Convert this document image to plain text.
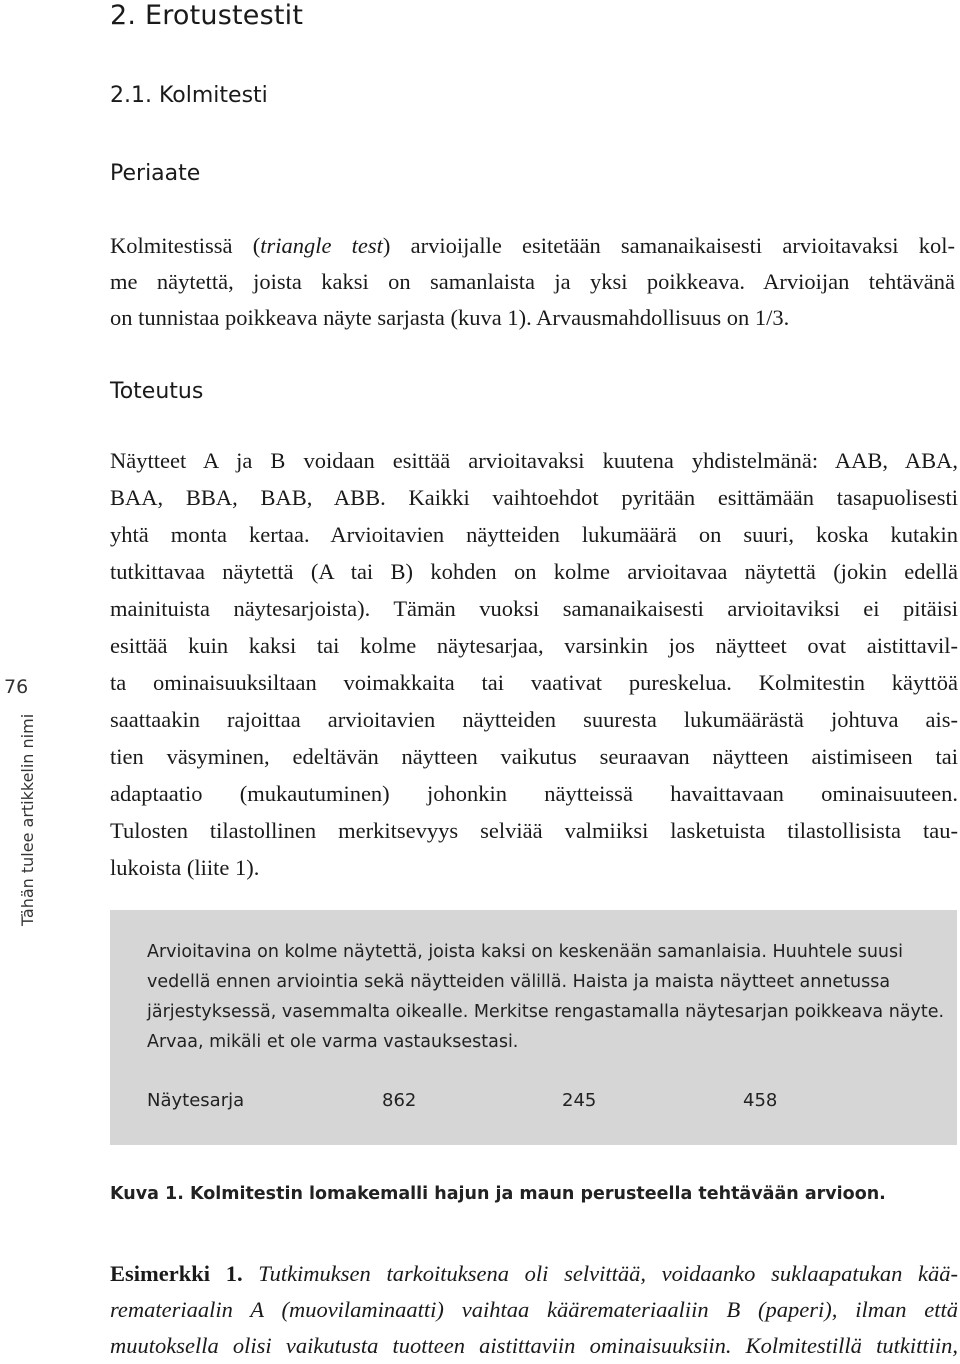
2. Erotustestit
2.1. Kolmitesti
Periaate

Kolmitestissä (triangle test) arvioijalle esitetään samanaikaisesti arvioitavaksi kol-
me näytettä, joista kaksi on samanlaista ja yksi poikkeava. Arvioijan tehtävänä
on tunnistaa poikkeava näyte sarjasta (kuva 1). Arvausmahdollisuus on 1/3.

Toteutus

Näytteet A ja B voidaan esittää arvioitavaksi kuutena yhdistelmänä: AAB, ABA,
BAA, BBA, BAB, ABB. Kaikki vaihtoehdot pyritään esittämään tasapuolisesti
yhtä monta kertaa. Arvioitavien näytteiden lukumäärä on suuri, koska kutakin
tutkittavaa näytettä (A tai B) kohden on kolme arvioitavaa näytettä (jokin edellä
mainituista näytesarjoista). Tämän vuoksi samanaikaisesti arvioitaviksi ei pitäisi
esittää kuin kaksi tai kolme näytesarjaa, varsinkin jos näytteet ovat aistittavil-
ta ominaisuuksiltaan voimakkaita tai vaativat pureskelua. Kolmitestin käyttöä
saattaakin rajoittaa arvioitavien näytteiden suuresta lukumäärästä johtuva ais-
tien väsyminen, edeltävän näytteen vaikutus seuraavan näytteen aistimiseen tai
adaptaatio (mukautuminen) johonkin näytteissä havaittavaan ominaisuuteen.
Tulosten tilastollinen merkitsevyys selviää valmiiksi lasketuista tilastollisista tau-
lukoista (liite 1).

76
Tähän tulee artikkelin nimi

Arvioitavina on kolme näytettä, joista kaksi on keskenään samanlaisia. Huuhtele suusi
vedellä ennen arviointia sekä näytteiden välillä. Haista ja maista näytteet annetussa
järjestyksessä, vasemmalta oikealle. Merkitse rengastamalla näytesarjan poikkeava näyte.
Arvaa, mikäli et ole varma vastauksestasi.

Näytesarja	862	245	458

Kuva 1. Kolmitestin lomakemalli hajun ja maun perusteella tehtävään arvioon.

Esimerkki 1. Tutkimuksen tarkoituksena oli selvittää, voidaanko suklaapatukan kää-
remateriaalin A (muovilaminaatti) vaihtaa kääremateriaaliin B (paperi), ilman että
muutoksella olisi vaikutusta tuotteen aistittaviin ominaisuuksiin. Kolmitestillä tutkittiin,
